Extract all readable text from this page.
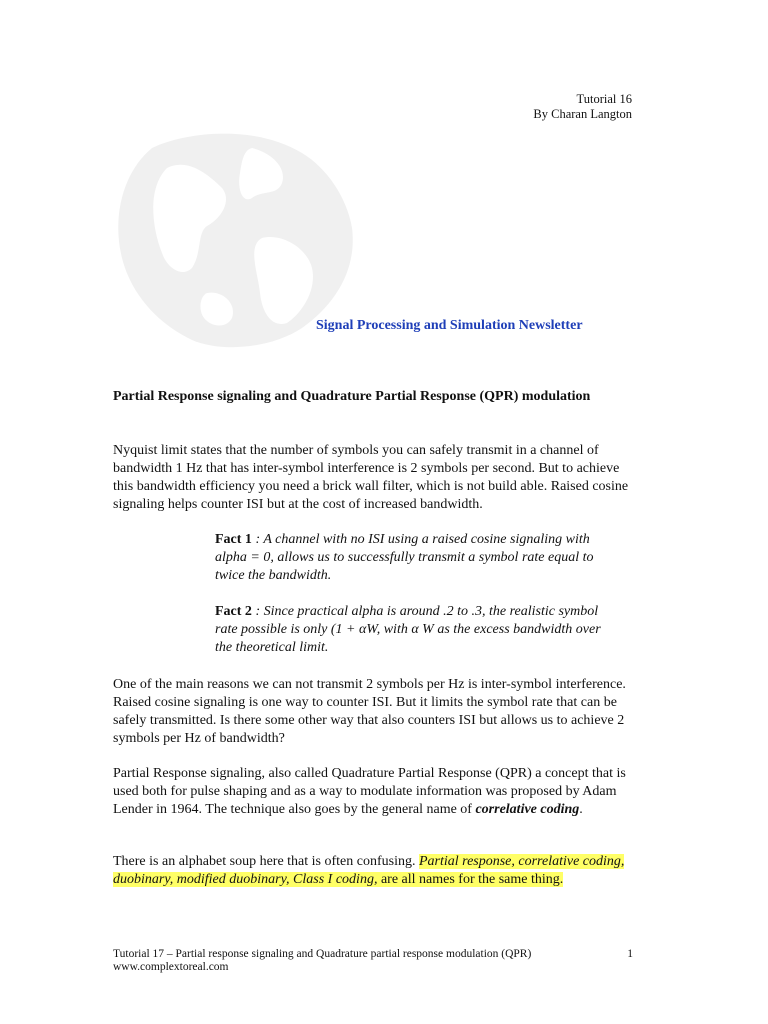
Tutorial 16
By Charan Langton
Signal Processing and Simulation Newsletter
Partial Response signaling and Quadrature Partial Response (QPR) modulation

Nyquist limit states that the number of symbols you can safely transmit in a channel of bandwidth 1 Hz that has inter-symbol interference is 2 symbols per second. But to achieve this bandwidth efficiency you need a brick wall filter, which is not build able. Raised cosine signaling helps counter ISI but at the cost of increased bandwidth.

Fact 1 : A channel with no ISI using a raised cosine signaling with alpha = 0, allows us to successfully transmit a symbol rate equal to twice the bandwidth.

Fact 2 : Since practical alpha is around .2 to .3, the realistic symbol rate possible is only (1 + αW, with α W as the excess bandwidth over the theoretical limit.

One of the main reasons we can not transmit 2 symbols per Hz is inter-symbol interference. Raised cosine signaling is one way to counter ISI. But it limits the symbol rate that can be safely transmitted. Is there some other way that also counters ISI but allows us to achieve 2 symbols per Hz of bandwidth?

Partial Response signaling, also called Quadrature Partial Response (QPR) a concept that is used both for pulse shaping and as a way to modulate information was proposed by Adam Lender in 1964. The technique also goes by the general name of correlative coding.

There is an alphabet soup here that is often confusing. Partial response, correlative coding, duobinary, modified duobinary, Class I coding, are all names for the same thing.

Tutorial 17 – Partial response signaling and Quadrature partial response modulation (QPR)
www.complextoreal.com
1
